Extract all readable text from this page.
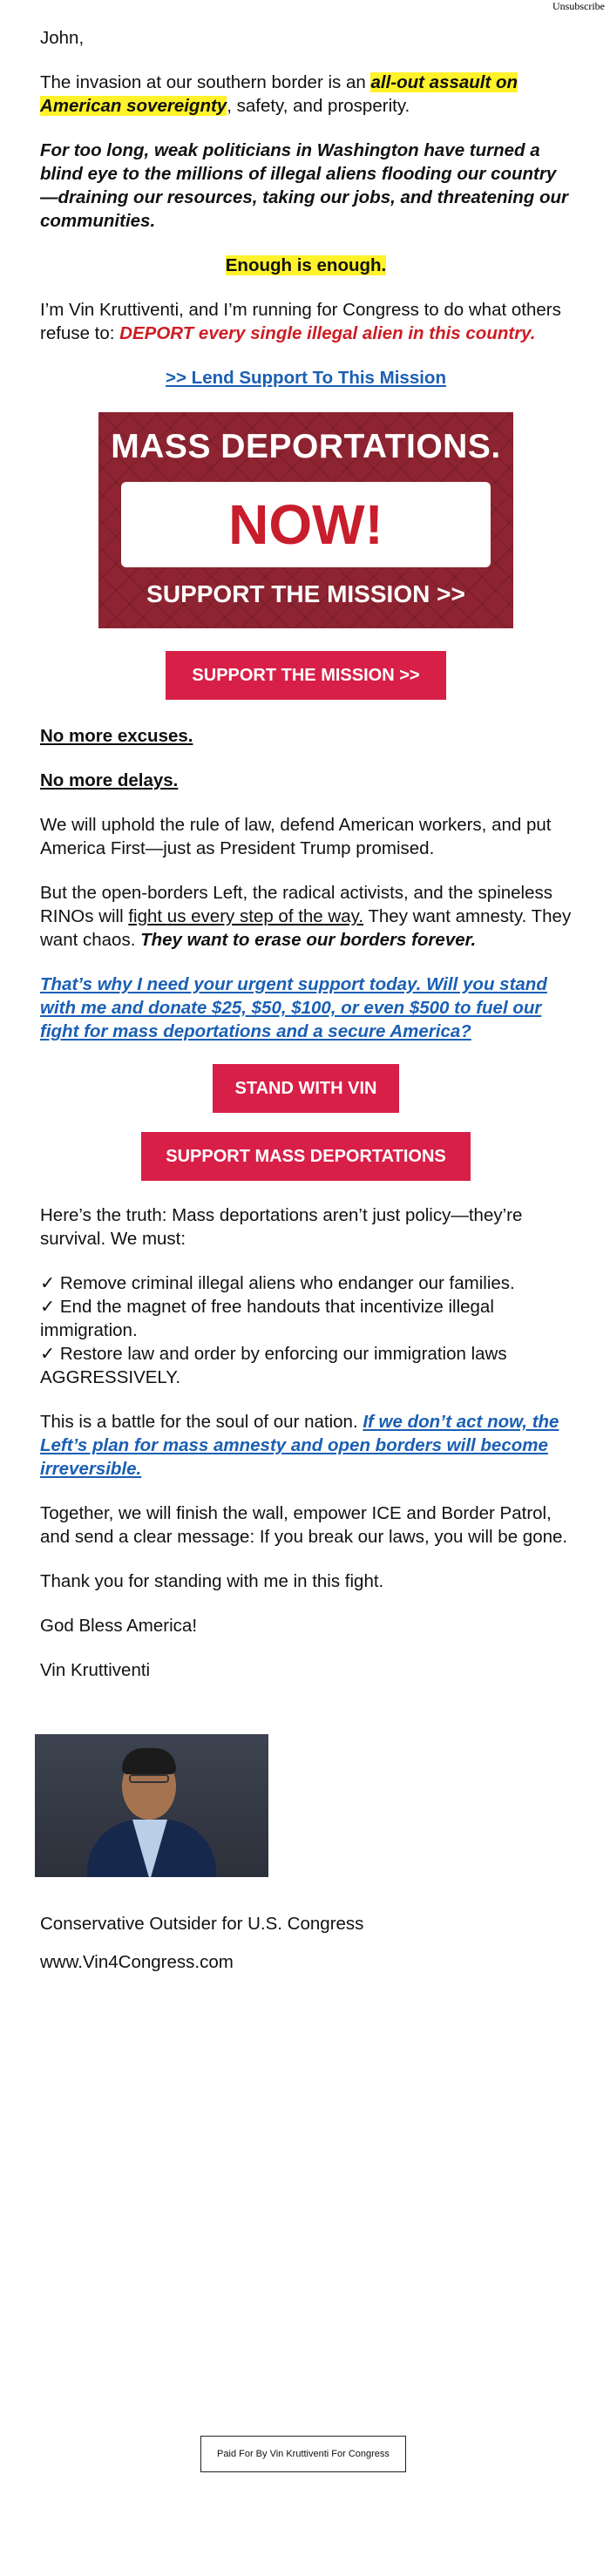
Unsubscribe

John,

The invasion at our southern border is an all-out assault on American sovereignty, safety, and prosperity.

For too long, weak politicians in Washington have turned a blind eye to the millions of illegal aliens flooding our country—draining our resources, taking our jobs, and threatening our communities.

Enough is enough.

I’m Vin Kruttiventi, and I’m running for Congress to do what others refuse to: DEPORT every single illegal alien in this country.

>> Lend Support To This Mission

MASS DEPORTATIONS.
NOW!
SUPPORT THE MISSION >>

SUPPORT THE MISSION >>

No more excuses.

No more delays.

We will uphold the rule of law, defend American workers, and put America First—just as President Trump promised.

But the open-borders Left, the radical activists, and the spineless RINOs will fight us every step of the way. They want amnesty. They want chaos. They want to erase our borders forever.

That’s why I need your urgent support today. Will you stand with me and donate $25, $50, $100, or even $500 to fuel our fight for mass deportations and a secure America?

STAND WITH VIN

SUPPORT MASS DEPORTATIONS

Here’s the truth: Mass deportations aren’t just policy—they’re survival. We must:

✓ Remove criminal illegal aliens who endanger our families.
✓ End the magnet of free handouts that incentivize illegal immigration.
✓ Restore law and order by enforcing our immigration laws AGGRESSIVELY.

This is a battle for the soul of our nation. If we don’t act now, the Left’s plan for mass amnesty and open borders will become irreversible.

Together, we will finish the wall, empower ICE and Border Patrol, and send a clear message: If you break our laws, you will be gone.

Thank you for standing with me in this fight.

God Bless America!

Vin Kruttiventi

Conservative Outsider for U.S. Congress
www.Vin4Congress.com
Paid For By Vin Kruttiventi For Congress
